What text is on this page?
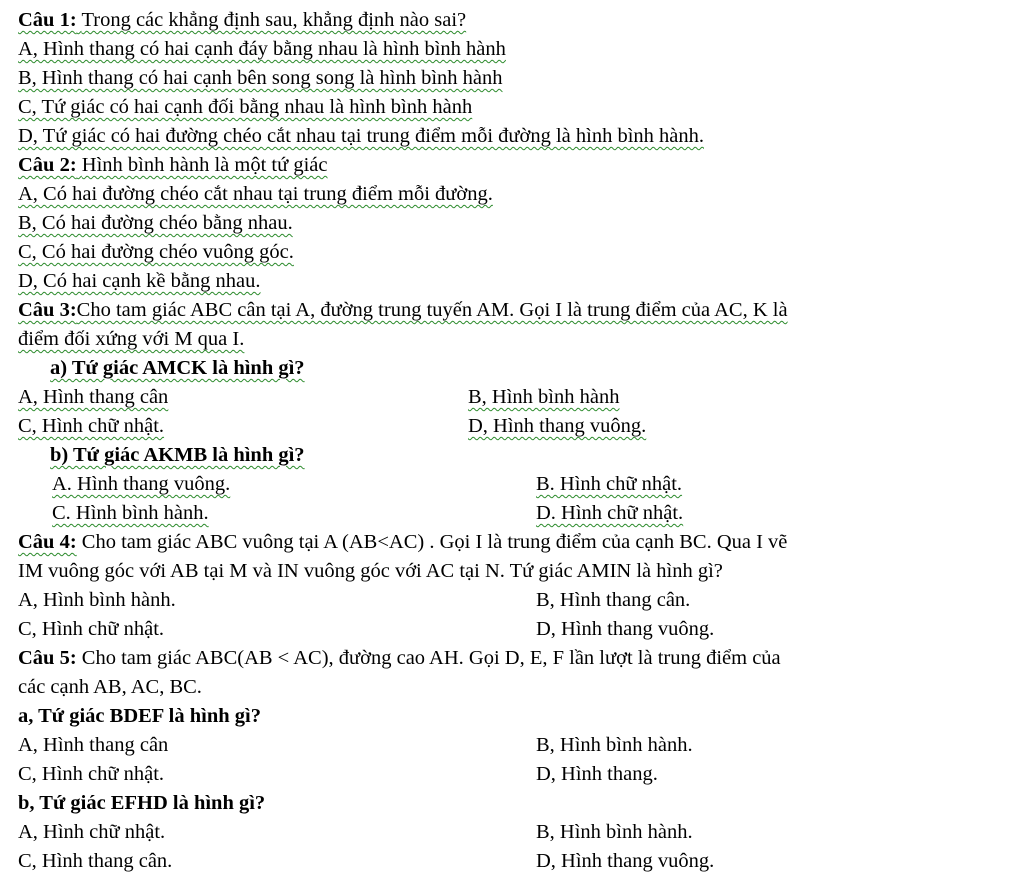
Câu 1: Trong các khẳng định sau, khẳng định nào sai?
A, Hình thang có hai cạnh đáy bằng nhau là hình bình hành
B, Hình thang có hai cạnh bên song song là hình bình hành
C, Tứ giác có hai cạnh đối bằng nhau là hình bình hành
D, Tứ giác có hai đường chéo cắt nhau tại trung điểm mỗi đường là hình bình hành.
Câu 2: Hình bình hành là một tứ giác
A, Có hai đường chéo cắt nhau tại trung điểm mỗi đường.
B, Có hai đường chéo bằng nhau.
C, Có hai đường chéo vuông góc.
D, Có hai cạnh kề bằng nhau.
Câu 3:Cho tam giác ABC cân tại A, đường trung tuyến AM. Gọi I là trung điểm của AC, K là
điểm đối xứng với M qua I.
a) Tứ giác AMCK là hình gì?
A, Hình thang cân	B, Hình bình hành
C, Hình chữ nhật.	D, Hình thang vuông.
b) Tứ giác AKMB là hình gì?
A. Hình thang vuông.	B. Hình chữ nhật.
C. Hình bình hành.	D. Hình chữ nhật.
Câu 4: Cho tam giác ABC vuông tại A (AB<AC) . Gọi I là trung điểm của cạnh BC. Qua I vẽ
IM vuông góc với AB tại M và IN vuông góc với AC tại N. Tứ giác AMIN là hình gì?
A, Hình bình hành.	B, Hình thang cân.
C, Hình chữ nhật.	D, Hình thang vuông.
Câu 5: Cho tam giác ABC(AB < AC), đường cao AH. Gọi D, E, F lần lượt là trung điểm của
các cạnh AB, AC, BC.
a, Tứ giác BDEF là hình gì?
A, Hình thang cân	B, Hình bình hành.
C, Hình chữ nhật.	D, Hình thang.
b, Tứ giác EFHD là hình gì?
A, Hình chữ nhật.	B, Hình bình hành.
C, Hình thang cân.	D, Hình thang vuông.
